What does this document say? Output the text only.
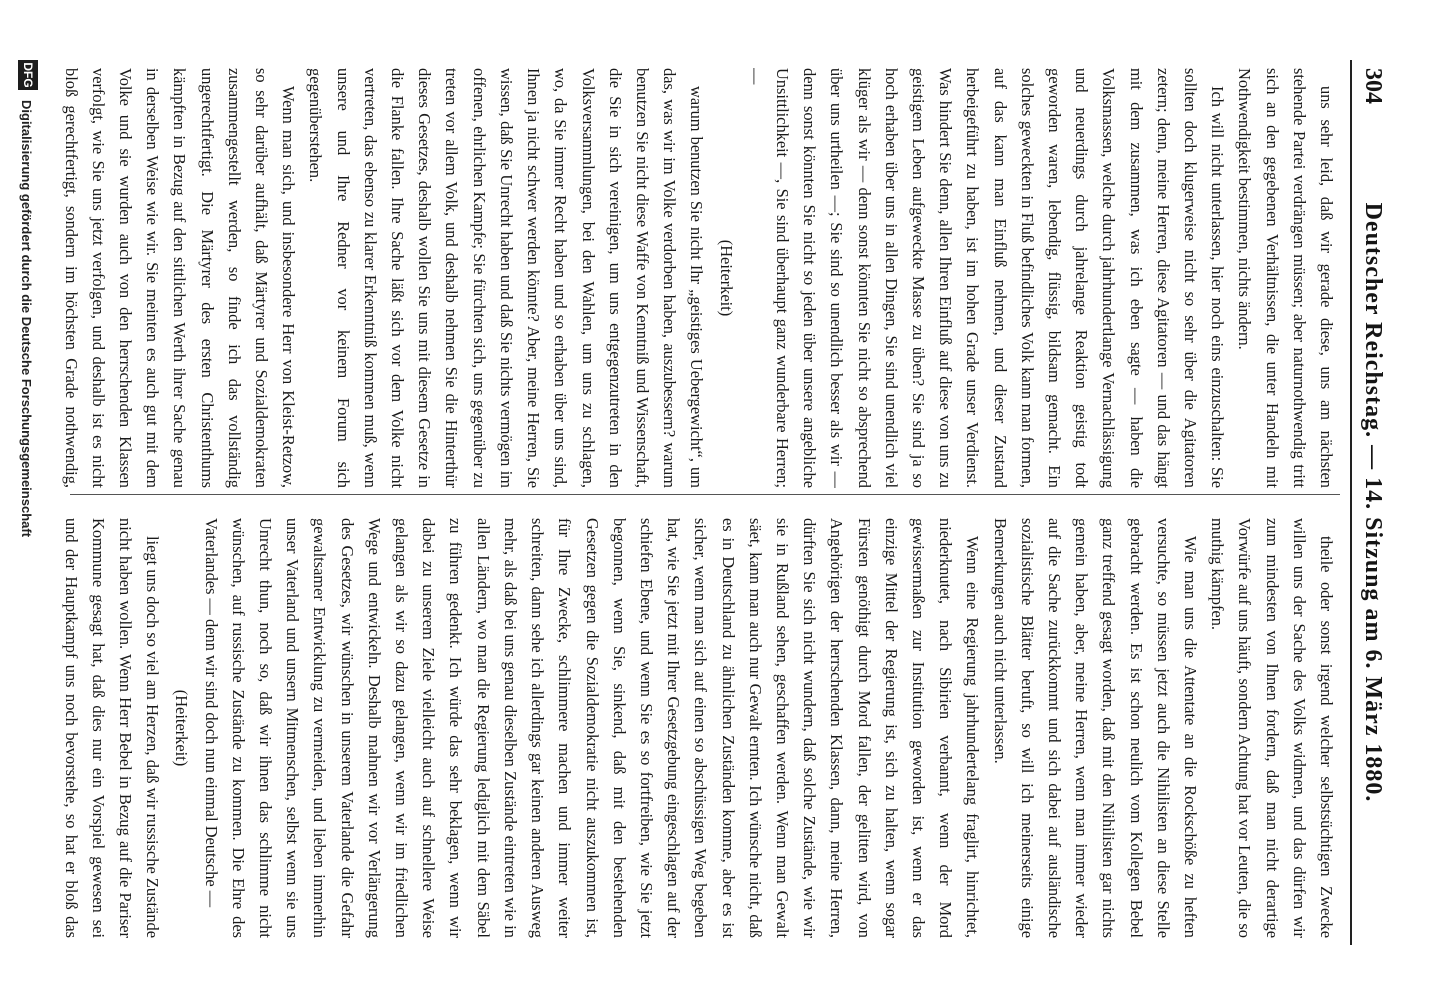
304
Deutscher Reichstag. — 14. Sitzung am 6. März 1880.

uns sehr leid, daß wir gerade diese, uns am nächsten stehende Partei verdrängen müssen; aber naturnothwendig tritt sich an den gegebenen Verhältnissen, die unter Handeln mit Nothwendigkeit bestimmen, nichts ändern.

Ich will nicht unterlassen, hier noch eins einzuschalten: Sie sollten doch klugerweise nicht so sehr über die Agitatoren zetern; denn, meine Herren, diese Agitatoren — und das hängt mit dem zusammen, was ich eben sagte — haben die Volksmassen, welche durch jahrhundertlange Vernachlässigung und neuerdings durch jahrelange Reaktion geistig todt geworden waren, lebendig, flüssig, bildsam gemacht. Ein solches geweckten in Fluß befindliches Volk kann man formen, auf das kann man Einfluß nehmen, und dieser Zustand herbeigeführt zu haben, ist im hohen Grade unser Verdienst. Was hindert Sie denn, allen Ihren Einfluß auf diese von uns zu geistigem Leben aufgeweckte Masse zu üben? Sie sind ja so hoch erhaben über uns in allen Dingen, Sie sind unendlich viel klüger als wir — denn sonst könnten Sie nicht so absprechend über uns urtheilen —; Sie sind so unendlich besser als wir — denn sonst könnten Sie nicht so jeden über unsere angebliche Unsittlichkeit —, Sie sind überhaupt ganz wunderbare Herren; —

(Heiterkeit)

warum benutzen Sie nicht Ihr „geistiges Uebergewicht“, um das, was wir im Volke verdorben haben, auszubessern? warum benutzen Sie nicht diese Waffe von Kenntniß und Wissenschaft, die Sie in sich vereinigen, um uns entgegenzutreten in den Volksversammlungen, bei den Wahlen, um uns zu schlagen, wo, da Sie immer Recht haben und so erhaben über uns sind, Ihnen ja nicht schwer werden könnte? Aber, meine Herren, Sie wissen, daß Sie Unrecht haben und daß Sie nichts vermögen im offenen, ehrlichen Kampfe; Sie fürchten sich, uns gegenüber zu treten vor allem Volk, und deshalb nehmen Sie die Hinterthür dieses Gesetzes, deshalb wollen Sie uns mit diesem Gesetze in die Flanke fallen. Ihre Sache läßt sich vor dem Volke nicht vertreten, das ebenso zu klarer Erkenntniß kommen muß, wenn unsere und Ihre Redner vor keinem Forum sich gegenüberstehen.

Wenn man sich, und insbesondere Herr von Kleist-Retzow, so sehr darüber aufhält, daß Märtyrer und Sozialdemokraten zusammengestellt werden, so finde ich das vollständig ungerechtfertigt. Die Märtyrer des ersten Christenthums kämpften in Bezug auf den sittlichen Werth ihrer Sache genau in derselben Weise wie wir. Sie meinten es auch gut mit dem Volke und sie wurden auch von den herrschenden Klassen verfolgt, wie Sie uns jetzt verfolgen, und deshalb ist es nicht bloß gerechtfertigt, sondern im höchsten Grade nothwendig,

theile oder sonst irgend welcher selbstsüchtigen Zwecke willen uns der Sache des Volks widmen, und das dürfen wir zum mindesten von Ihnen fordern, daß man nicht derartige Vorwürfe auf uns häuft, sondern Achtung hat vor Leuten, die so muthig kämpfen.

Wie man uns die Attentate an die Rockschöße zu heften versuchte, so müssen jetzt auch die Nihilisten an diese Stelle gebracht werden. Es ist schon neulich vom Kollegen Bebel ganz treffend gesagt worden, daß mit den Nihilisten gar nichts gemein haben, aber, meine Herren, wenn man immer wieder auf die Sache zurückkommt und sich dabei auf ausländische sozialistische Blätter beruft, so will ich meinerseits einige Bemerkungen auch nicht unterlassen.

Wenn eine Regierung jahrhundertelang fraglirt, hinrichtet, niederknutet, nach Sibirien verbannt, wenn der Mord gewissermaßen zur Institution geworden ist, wenn er das einzige Mittel der Regierung ist, sich zu halten, wenn sogar Fürsten genöthigt durch Mord fallen, der gelitten wird, von Angehörigen der herrschenden Klassen, dann, meine Herren, dürften Sie sich nicht wundern, daß solche Zustände, wie wir sie in Rußland sehen, geschaffen werden. Wenn man Gewalt säet, kann man auch nur Gewalt ernten. Ich wünsche nicht, daß es in Deutschland zu ähnlichen Zuständen komme, aber es ist sicher, wenn man sich auf einen so abschüssigen Weg begeben hat, wie Sie jetzt mit Ihrer Gesetzgebung eingeschlagen auf der schiefen Ebene, und wenn Sie es so fortfreiben, wie Sie jetzt begonnen, wenn Sie, sinkend, daß mit den bestehenden Gesetzen gegen die Sozialdemokratie nicht auszukommen ist, für Ihre Zwecke, schlimmere machen und immer weiter schreiten, dann sehe ich allerdings gar keinen anderen Ausweg mehr, als daß bei uns genau dieselben Zustände eintreten wie in allen Ländern, wo man die Regierung lediglich mit dem Säbel zu führen gedenkt. Ich würde das sehr beklagen, wenn wir dabei zu unserem Ziele vielleicht auch auf schnellere Weise gelangen als wir so dazu gelangen, wenn wir im friedlichen Wege und entwickeln. Deshalb mahnen wir vor Verlängerung des Gesetzes, wir wünschen in unserem Vaterlande die Gefahr gewaltsamer Entwicklung zu vermeiden, und lieben immerhin unser Vaterland und unsern Mitmenschen, selbst wenn sie uns Unrecht thun, noch so, daß wir ihnen das schlimme nicht wünschen, auf russische Zustände zu kommen. Die Ehre des Vaterlandes — denn wir sind doch nun einmal Deutsche —

(Heiterkeit)

liegt uns doch so viel am Herzen, daß wir russische Zustände nicht haben wollen. Wenn Herr Bebel in Bezug auf die Pariser Kommune gesagt hat, daß dies nur ein Vorspiel gewesen sei und der Hauptkampf uns noch bevorstehe, so hat er bloß das

DFG
Digitalisierung gefördert durch die Deutsche Forschungsgemeinschaft
